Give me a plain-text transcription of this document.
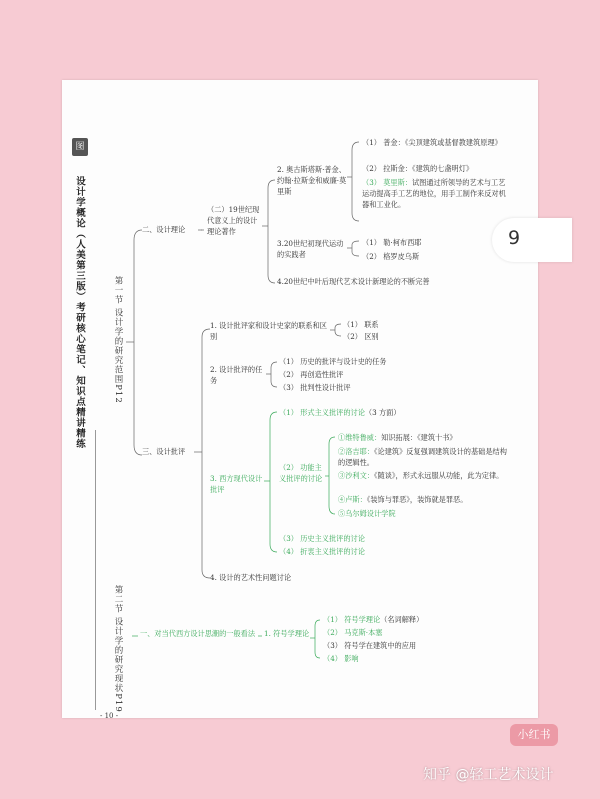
图
设计学概论（人美第三版）考研核心笔记、知识点精讲精练
- 10 -
第一节 设计学的研究范围P12
二、设计理论
（二）19世纪现代意义上的设计理论著作
2. 奥古斯塔斯·普金、约翰·拉斯金和威廉·莫里斯
（1） 普金：《尖顶建筑或基督教建筑原理》
（2） 拉斯金：《建筑的七盏明灯》
（3） 莫里斯：试图通过所领导的艺术与工艺运动提高手工艺的地位，用手工制作来反对机器和工业化。
3.20世纪初现代运动的实践者
（1） 勒·柯布西耶
（2） 格罗皮乌斯
4.20世纪中叶后现代艺术设计新理论的不断完善
三、设计批评
1. 设计批评家和设计史家的联系和区别
（1） 联系
（2） 区别
2. 设计批评的任务
（1） 历史的批评与设计史的任务
（2） 再创造性批评
（3） 批判性设计批评
3. 西方现代设计批评
（1） 形式主义批评的讨论（3 方面）
（2） 功能主义批评的讨论
①维特鲁威：知识拓展：《建筑十书》
②洛吉耶：《论建筑》反复强调建筑设计的基础是结构的逻辑性。
③沙利文：《随谈》，形式永远服从功能，此为定律。
④卢斯：《装饰与罪恶》，装饰就是罪恶。
⑤乌尔姆设计学院
（3） 历史主义批评的讨论
（4） 折衷主义批评的讨论
4. 设计的艺术性问题讨论
第二节 设计学的研究现状P19 一、对当代西方设计思潮的一般看法	1. 符号学理论
（1） 符号学理论（名词解释）
（2） 马克斯·本塞
（3） 符号学在建筑中的应用
（4） 影响
9
小红书
知乎 @轻工艺术设计
